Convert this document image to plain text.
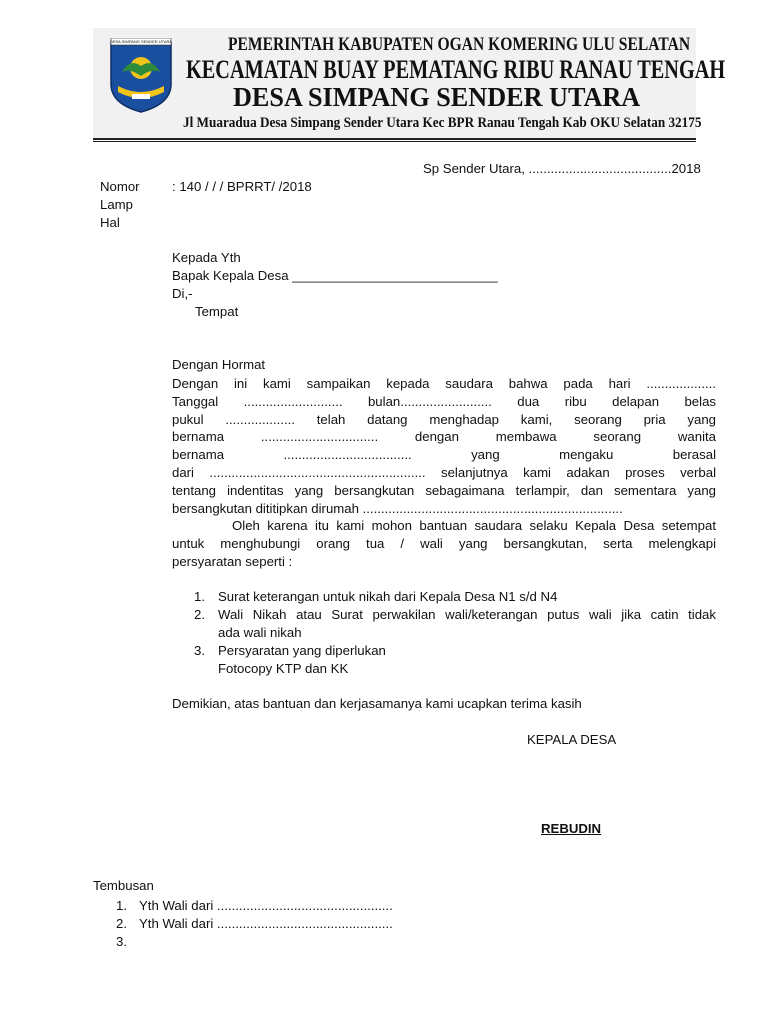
DESA SIMPANG SENDER UTARA	PEMERINTAH KABUPATEN OGAN KOMERING ULU SELATAN
KECAMATAN BUAY PEMATANG RIBU RANAU TENGAH
DESA SIMPANG SENDER UTARA
Jl Muaradua Desa Simpang Sender Utara Kec BPR Ranau Tengah Kab OKU Selatan 32175
Sp Sender Utara, .......................................2018
Nomor : 140 / / / BPRRT/ /2018
Lamp
Hal
Kepada Yth
Bapak Kepala Desa ____________________________
Di,-
Tempat
Dengan Hormat
Dengan ini kami sampaikan kepada saudara bahwa pada hari ...................
Tanggal ........................... bulan......................... dua ribu delapan belas
pukul ................... telah datang menghadap kami, seorang pria yang
bernama ................................ dengan membawa seorang wanita
bernama ................................... yang mengaku berasal
dari ........................................................... selanjutnya kami adakan proses verbal
tentang indentitas yang bersangkutan sebagaimana terlampir, dan sementara yang
bersangkutan dititipkan dirumah .......................................................................
Oleh karena itu kami mohon bantuan saudara selaku Kepala Desa setempat
untuk menghubungi orang tua / wali yang bersangkutan, serta melengkapi
persyaratan seperti :
1. Surat keterangan untuk nikah dari Kepala Desa N1 s/d N4
2. Wali Nikah atau Surat perwakilan wali/keterangan putus wali jika catin tidak
ada wali nikah
3. Persyaratan yang diperlukan
Fotocopy KTP dan KK
Demikian, atas bantuan dan kerjasamanya kami ucapkan terima kasih
KEPALA DESA
REBUDIN
Tembusan
1. Yth Wali dari ................................................
2. Yth Wali dari ................................................
3.
